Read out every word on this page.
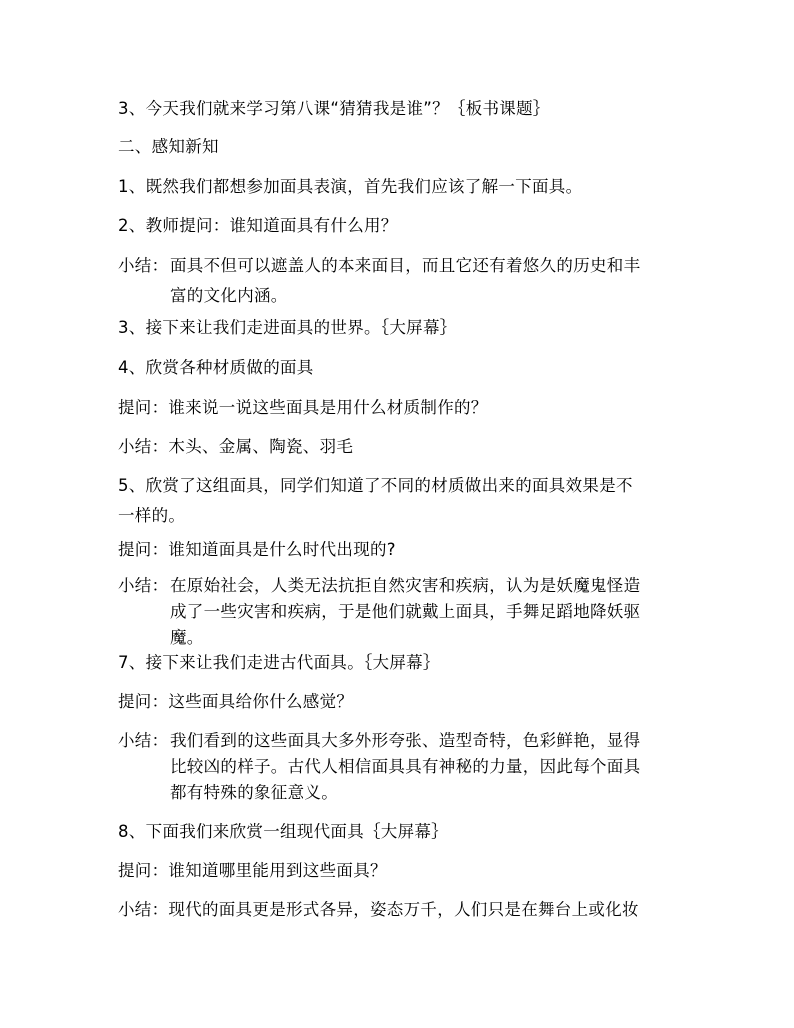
3、今天我们就来学习第八课“猜猜我是谁”？｛板书课题｝
二、感知新知
1、既然我们都想参加面具表演，首先我们应该了解一下面具。
2、教师提问：谁知道面具有什么用？
小结： 面具不但可以遮盖人的本来面目，而且它还有着悠久的历史和丰
富的文化内涵。
3、接下来让我们走进面具的世界。｛大屏幕｝
4、欣赏各种材质做的面具
提问：谁来说一说这些面具是用什么材质制作的？
小结：木头、金属、陶瓷、羽毛
5、欣赏了这组面具，同学们知道了不同的材质做出来的面具效果是不
一样的。
提问：谁知道面具是什么时代出现的?
小结： 在原始社会，人类无法抗拒自然灾害和疾病，认为是妖魔鬼怪造
成了一些灾害和疾病，于是他们就戴上面具，手舞足蹈地降妖驱
魔。
7、接下来让我们走进古代面具。｛大屏幕｝
提问：这些面具给你什么感觉？
小结： 我们看到的这些面具大多外形夸张、造型奇特，色彩鲜艳，显得
比较凶的样子。古代人相信面具具有神秘的力量，因此每个面具
都有特殊的象征意义。
8、下面我们来欣赏一组现代面具｛大屏幕｝
提问：谁知道哪里能用到这些面具？
小结：现代的面具更是形式各异，姿态万千，人们只是在舞台上或化妆
